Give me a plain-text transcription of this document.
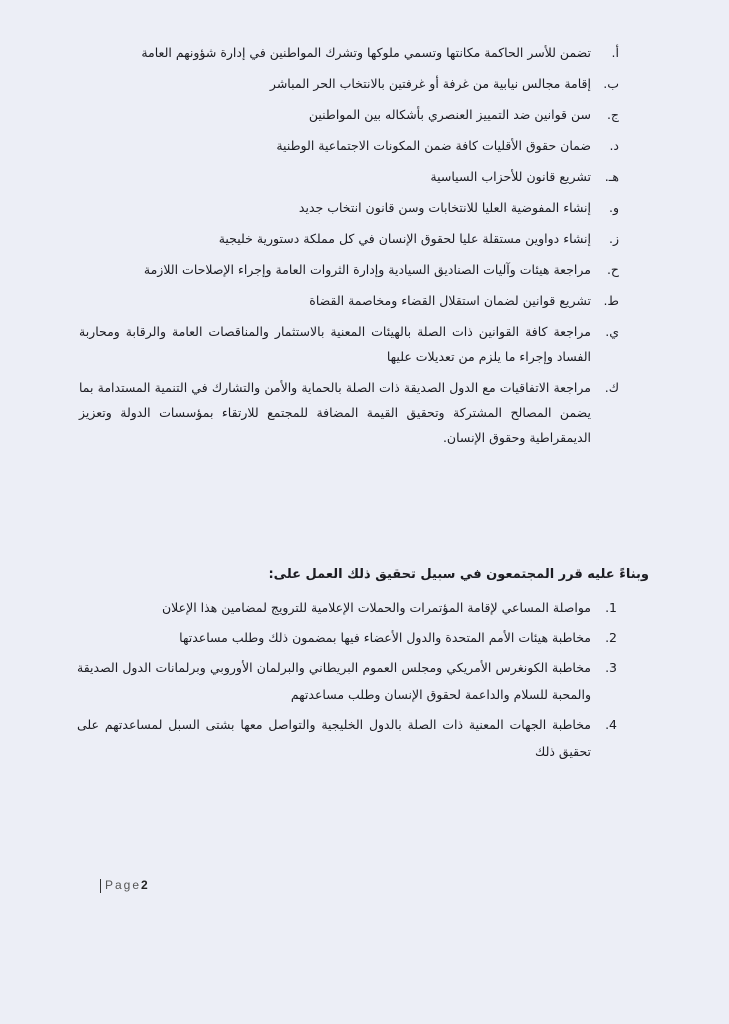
أ.
تضمن للأسر الحاكمة مكانتها وتسمي ملوكها وتشرك المواطنين في إدارة شؤونهم العامة
ب.
إقامة مجالس نيابية من غرفة أو غرفتين بالانتخاب الحر المباشر
ج.
سن قوانين ضد التمييز العنصري بأشكاله بين المواطنين
د.
ضمان حقوق الأقليات كافة ضمن المكونات الاجتماعية الوطنية
هـ.
تشريع قانون للأحزاب السياسية
و.
إنشاء المفوضية العليا للانتخابات وسن قانون انتخاب جديد
ز.
إنشاء دواوين مستقلة عليا لحقوق الإنسان في كل مملكة دستورية خليجية
ح.
مراجعة هيئات وآليات الصناديق السيادية وإدارة الثروات العامة وإجراء الإصلاحات اللازمة
ط.
تشريع قوانين لضمان استقلال القضاء ومخاصمة القضاة
ي.
مراجعة كافة القوانين ذات الصلة بالهيئات المعنية بالاستثمار والمناقصات العامة والرقابة ومحاربة الفساد وإجراء ما يلزم من تعديلات عليها
ك.
مراجعة الاتفاقيات مع الدول الصديقة ذات الصلة بالحماية والأمن والتشارك في التنمية المستدامة بما يضمن المصالح المشتركة وتحقيق القيمة المضافة للمجتمع للارتقاء بمؤسسات الدولة وتعزيز الديمقراطية وحقوق الإنسان.
وبناءً عليه قرر المجتمعون في سبيل تحقيق ذلك العمل على:
1.
مواصلة المساعي لإقامة المؤتمرات والحملات الإعلامية للترويج لمضامين هذا الإعلان
2.
مخاطبة هيئات الأمم المتحدة والدول الأعضاء فيها بمضمون ذلك وطلب مساعدتها
3.
مخاطبة الكونغرس الأمريكي ومجلس العموم البريطاني والبرلمان الأوروبي وبرلمانات الدول الصديقة والمحبة للسلام والداعمة لحقوق الإنسان وطلب مساعدتهم
4.
مخاطبة الجهات المعنية ذات الصلة بالدول الخليجية والتواصل معها بشتى السبل لمساعدتهم على تحقيق ذلك
Page2
